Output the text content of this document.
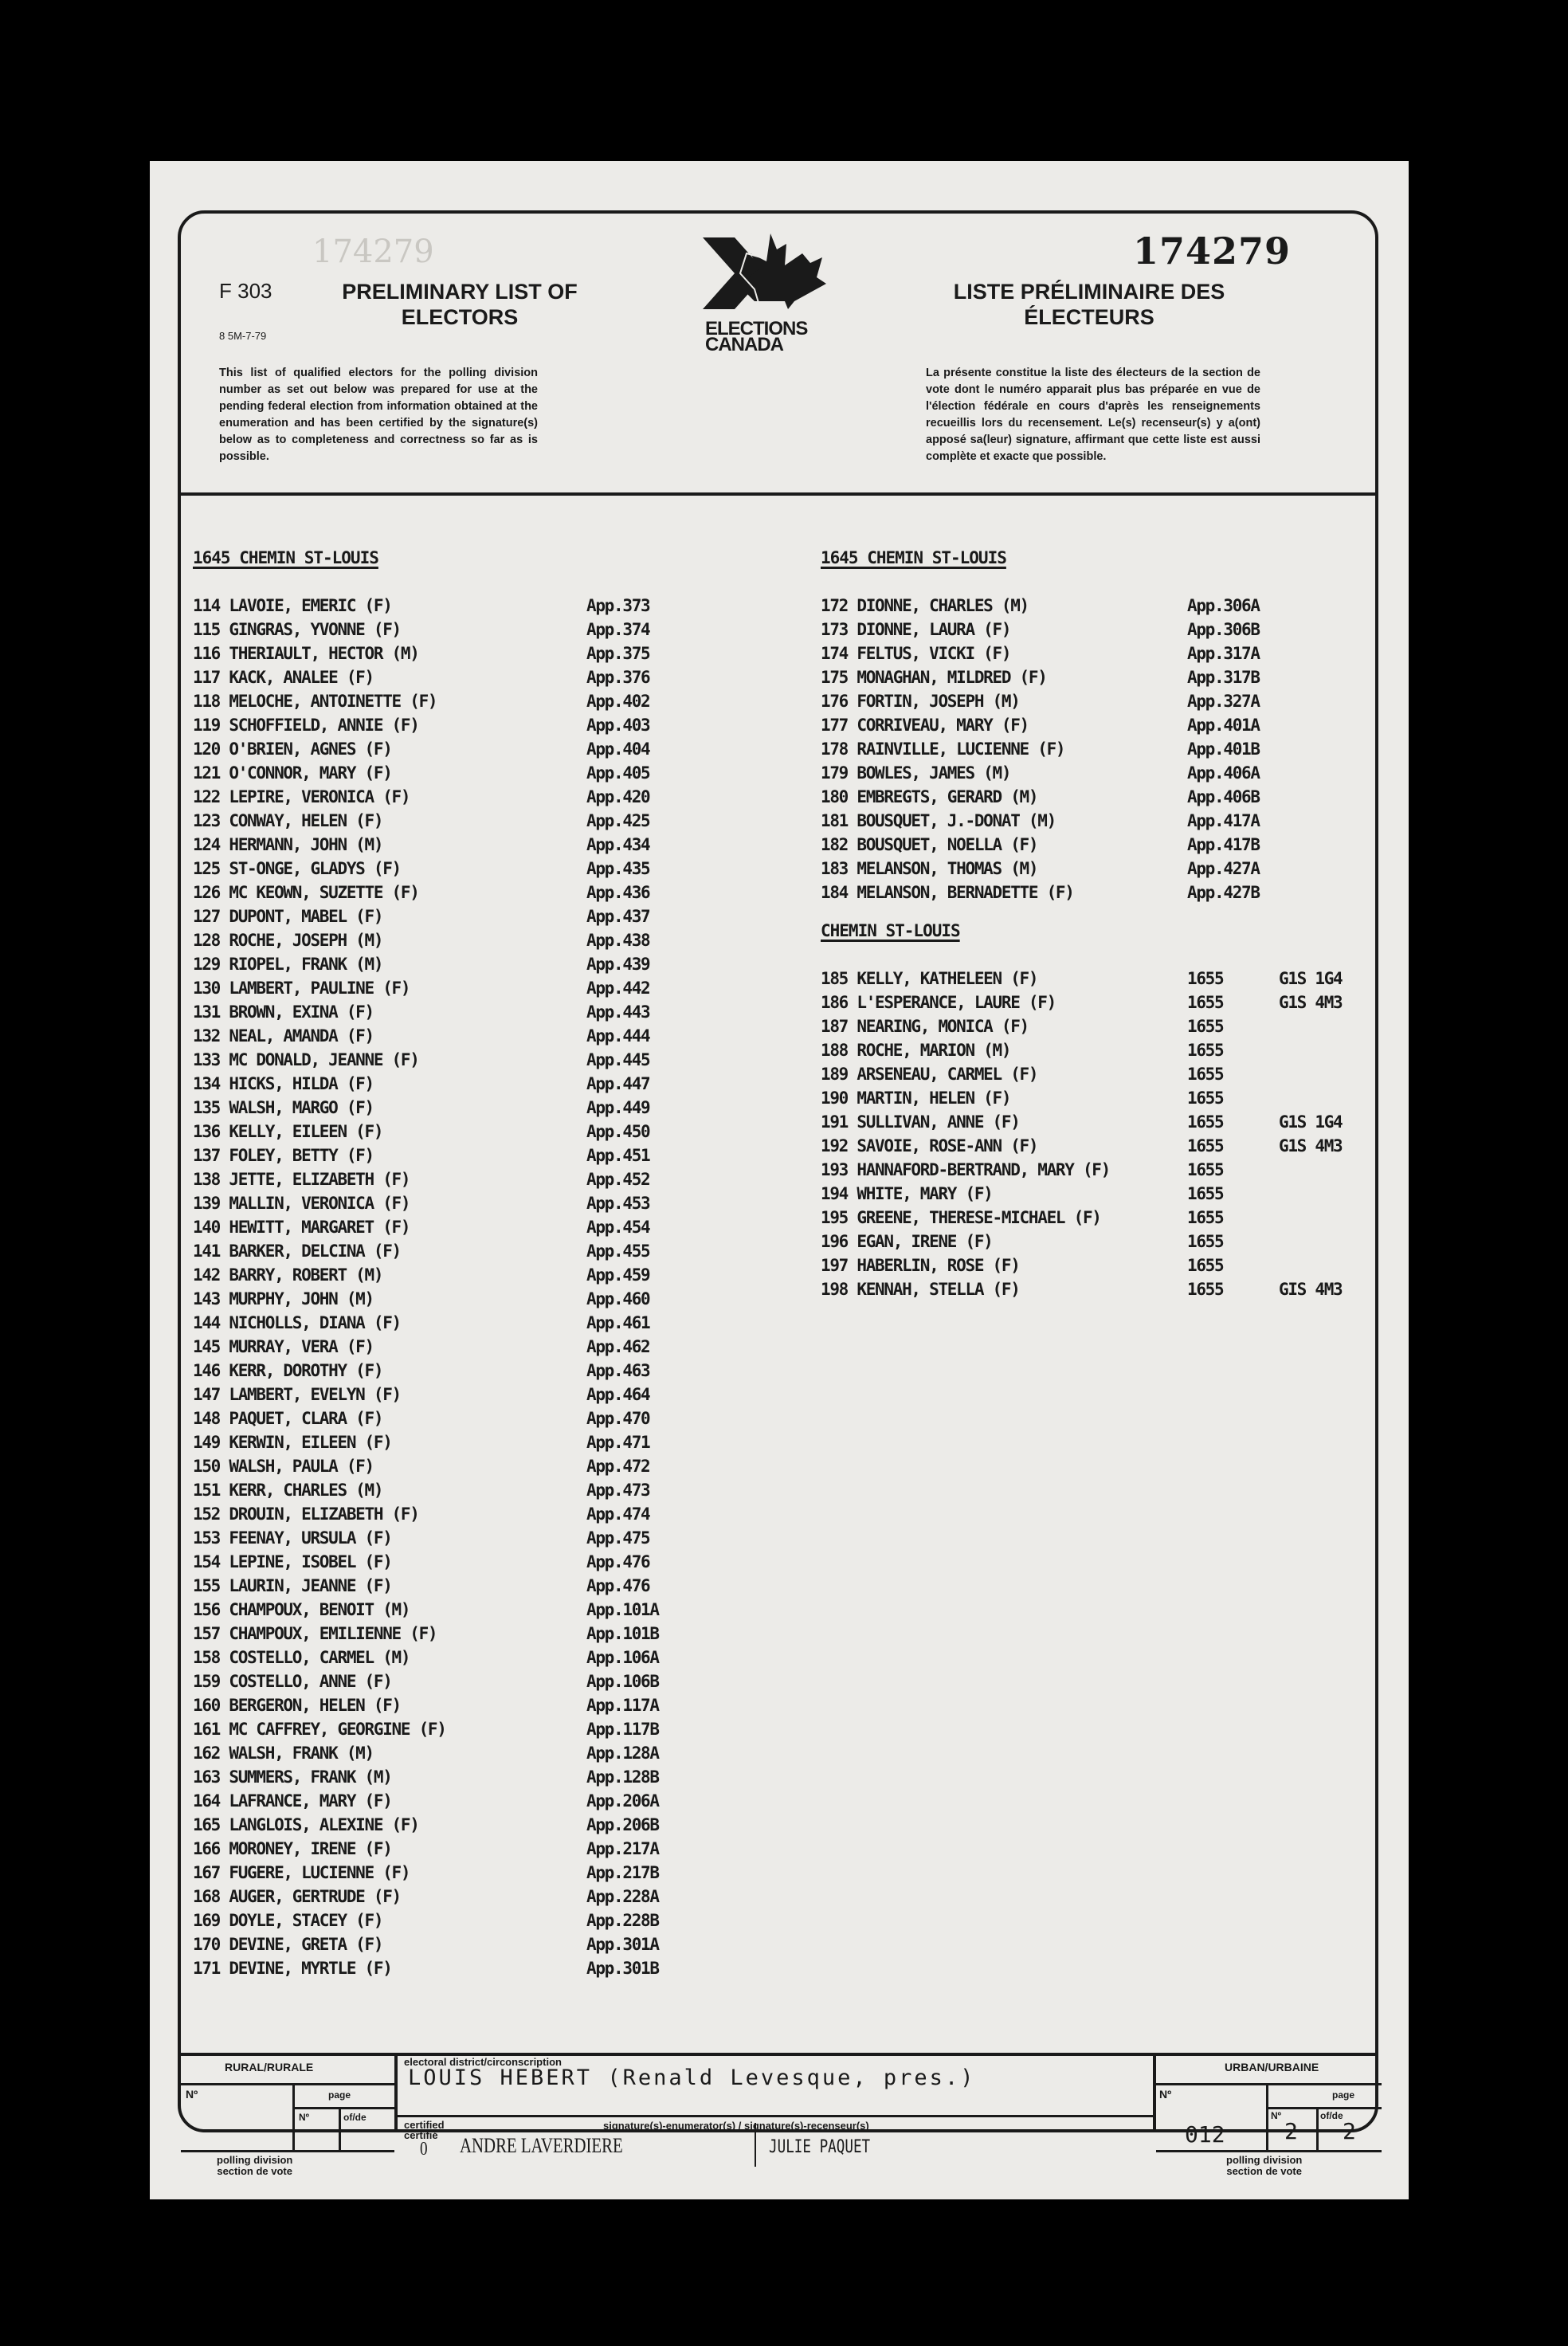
174279
F 303
8 5M-7-79
PRELIMINARY LIST OF
ELECTORS	ELECTIONS
CANADA
174279
LISTE PRÉLIMINAIRE DES
ÉLECTEURS
This list of qualified electors for the polling division number as set out below was prepared for use at the pending federal election from information obtained at the enumeration and has been certified by the signature(s) below as to completeness and correctness so far as is possible.
La présente constitue la liste des électeurs de la section de vote dont le numéro apparait plus bas préparée en vue de l'élection fédérale en cours d'après les renseignements recueillis lors du recensement. Le(s) recenseur(s) y a(ont) apposé sa(leur) signature, affirmant que cette liste est aussi complète et exacte que possible.
1645 CHEMIN ST-LOUIS
114 LAVOIE, EMERIC (F)	App.373
115 GINGRAS, YVONNE (F)	App.374
116 THERIAULT, HECTOR (M)	App.375
117 KACK, ANALEE (F)	App.376
118 MELOCHE, ANTOINETTE (F)	App.402
119 SCHOFFIELD, ANNIE (F)	App.403
120 O'BRIEN, AGNES (F)	App.404
121 O'CONNOR, MARY (F)	App.405
122 LEPIRE, VERONICA (F)	App.420
123 CONWAY, HELEN (F)	App.425
124 HERMANN, JOHN (M)	App.434
125 ST-ONGE, GLADYS (F)	App.435
126 MC KEOWN, SUZETTE (F)	App.436
127 DUPONT, MABEL (F)	App.437
128 ROCHE, JOSEPH (M)	App.438
129 RIOPEL, FRANK (M)	App.439
130 LAMBERT, PAULINE (F)	App.442
131 BROWN, EXINA (F)	App.443
132 NEAL, AMANDA (F)	App.444
133 MC DONALD, JEANNE (F)	App.445
134 HICKS, HILDA (F)	App.447
135 WALSH, MARGO (F)	App.449
136 KELLY, EILEEN (F)	App.450
137 FOLEY, BETTY (F)	App.451
138 JETTE, ELIZABETH (F)	App.452
139 MALLIN, VERONICA (F)	App.453
140 HEWITT, MARGARET (F)	App.454
141 BARKER, DELCINA (F)	App.455
142 BARRY, ROBERT (M)	App.459
143 MURPHY, JOHN (M)	App.460
144 NICHOLLS, DIANA (F)	App.461
145 MURRAY, VERA (F)	App.462
146 KERR, DOROTHY (F)	App.463
147 LAMBERT, EVELYN (F)	App.464
148 PAQUET, CLARA (F)	App.470
149 KERWIN, EILEEN (F)	App.471
150 WALSH, PAULA (F)	App.472
151 KERR, CHARLES (M)	App.473
152 DROUIN, ELIZABETH (F)	App.474
153 FEENAY, URSULA (F)	App.475
154 LEPINE, ISOBEL (F)	App.476
155 LAURIN, JEANNE (F)	App.476
156 CHAMPOUX, BENOIT (M)	App.101A
157 CHAMPOUX, EMILIENNE (F)	App.101B
158 COSTELLO, CARMEL (M)	App.106A
159 COSTELLO, ANNE (F)	App.106B
160 BERGERON, HELEN (F)	App.117A
161 MC CAFFREY, GEORGINE (F)	App.117B
162 WALSH, FRANK (M)	App.128A
163 SUMMERS, FRANK (M)	App.128B
164 LAFRANCE, MARY (F)	App.206A
165 LANGLOIS, ALEXINE (F)	App.206B
166 MORONEY, IRENE (F)	App.217A
167 FUGERE, LUCIENNE (F)	App.217B
168 AUGER, GERTRUDE (F)	App.228A
169 DOYLE, STACEY (F)	App.228B
170 DEVINE, GRETA (F)	App.301A
171 DEVINE, MYRTLE (F)	App.301B
1645 CHEMIN ST-LOUIS
172 DIONNE, CHARLES (M)	App.306A
173 DIONNE, LAURA (F)	App.306B
174 FELTUS, VICKI (F)	App.317A
175 MONAGHAN, MILDRED (F)	App.317B
176 FORTIN, JOSEPH (M)	App.327A
177 CORRIVEAU, MARY (F)	App.401A
178 RAINVILLE, LUCIENNE (F)	App.401B
179 BOWLES, JAMES (M)	App.406A
180 EMBREGTS, GERARD (M)	App.406B
181 BOUSQUET, J.-DONAT (M)	App.417A
182 BOUSQUET, NOELLA (F)	App.417B
183 MELANSON, THOMAS (M)	App.427A
184 MELANSON, BERNADETTE (F)	App.427B
CHEMIN ST-LOUIS
185 KELLY, KATHELEEN (F)	1655	G1S 1G4
186 L'ESPERANCE, LAURE (F)	1655	G1S 4M3
187 NEARING, MONICA (F)	1655
188 ROCHE, MARION (M)	1655
189 ARSENEAU, CARMEL (F)	1655
190 MARTIN, HELEN (F)	1655
191 SULLIVAN, ANNE (F)	1655	G1S 1G4
192 SAVOIE, ROSE-ANN (F)	1655	G1S 4M3
193 HANNAFORD-BERTRAND, MARY (F)	1655
194 WHITE, MARY (F)	1655
195 GREENE, THERESE-MICHAEL (F)	1655
196 EGAN, IRENE (F)	1655
197 HABERLIN, ROSE (F)	1655
198 KENNAH, STELLA (F)	1655	GIS 4M3
RURAL/RURALE
Nº	page
Nº	of/de
polling division
section de vote
electoral district/circonscription
LOUIS HEBERT (Renald Levesque, pres.)
certified
certifié
signature(s)-enumerator(s) / signature(s)-recenseur(s)
0 ANDRE LAVERDIERE	JULIE PAQUET
URBAN/URBAINE
Nº	page
Nº	of/de
012	2 2
polling division
section de vote
